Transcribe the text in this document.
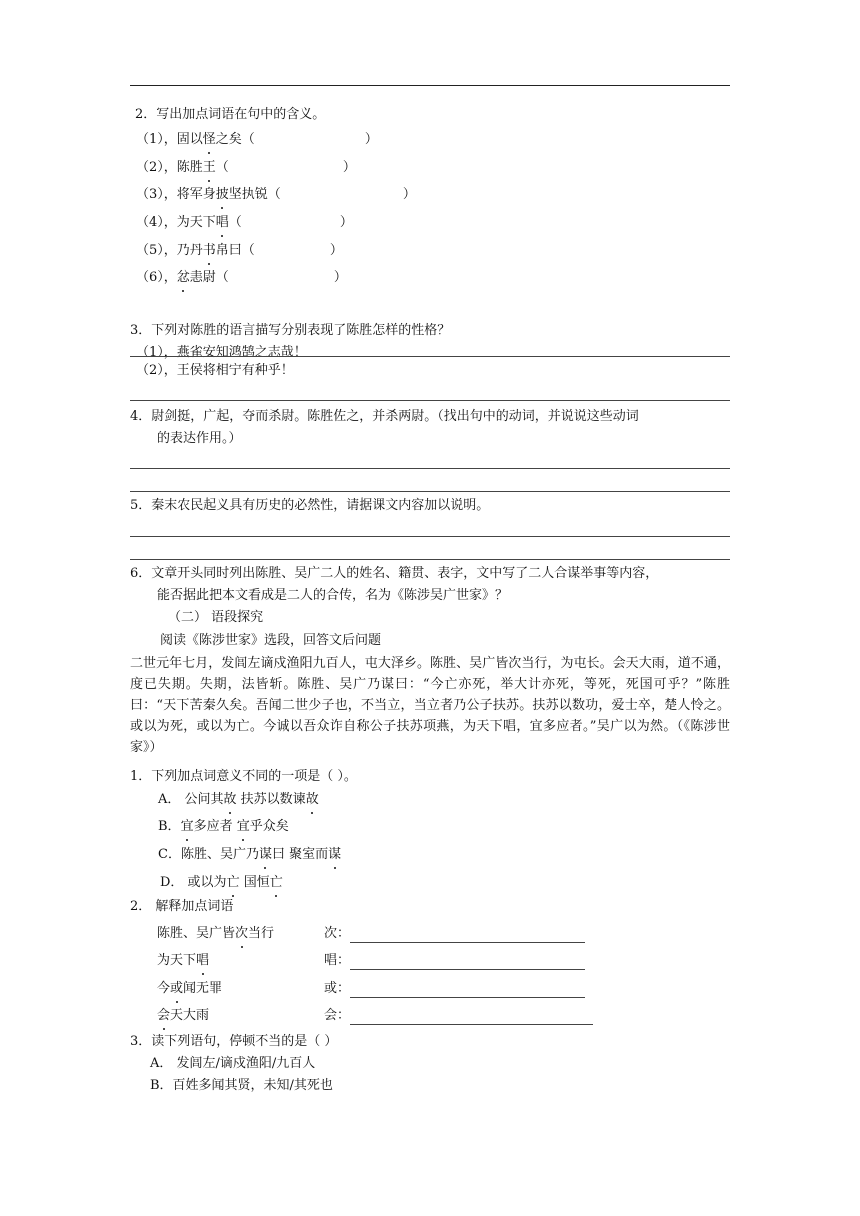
2．写出加点词语在句中的含义。
（1），固以怪之矣（	）
（2），陈胜王（	）
（3），将军身披坚执锐（	）
（4），为天下唱（	）
（5），乃丹书帛曰（	）
（6），忿恚尉（	）
3．下列对陈胜的语言描写分别表现了陈胜怎样的性格？
（1），燕雀安知鸿鹄之志哉！
（2），王侯将相宁有种乎！
4．尉剑挺，广起，夺而杀尉。陈胜佐之，并杀两尉。（找出句中的动词，并说说这些动词
的表达作用。）
5．秦末农民起义具有历史的必然性，请据课文内容加以说明。
6．文章开头同时列出陈胜、吴广二人的姓名、籍贯、表字，文中写了二人合谋举事等内容，
能否据此把本文看成是二人的合传，名为《陈涉吴广世家》？
（二） 语段探究
阅读《陈涉世家》选段，回答文后问题
二世元年七月，发闾左谪戍渔阳九百人，屯大泽乡。陈胜、吴广皆次当行，为屯长。会天大雨，道不通，度已失期。失期，法皆斩。陈胜、吴广乃谋曰：“今亡亦死，举大计亦死，等死，死国可乎？”陈胜曰：“天下苦秦久矣。吾闻二世少子也，不当立，当立者乃公子扶苏。扶苏以数功，爱士卒，楚人怜之。或以为死，或以为亡。今诚以吾众诈自称公子扶苏项燕，为天下唱，宜多应者。”吴广以为然。（《陈涉世家》）
1．下列加点词意义不同的一项是（ ）。
A． 公问其故 扶苏以数谏故
B．宜多应者 宜乎众矣
C．陈胜、吴广乃谋曰 聚室而谋
D． 或以为亡 国恒亡
2． 解释加点词语
陈胜、吴广皆次当行	次：
为天下唱	唱：
今或闻无罪	或：
会天大雨	会：
3．读下列语句，停顿不当的是（ ）
A． 发闾左/谪戍渔阳/九百人
B．百姓多闻其贤，未知/其死也
